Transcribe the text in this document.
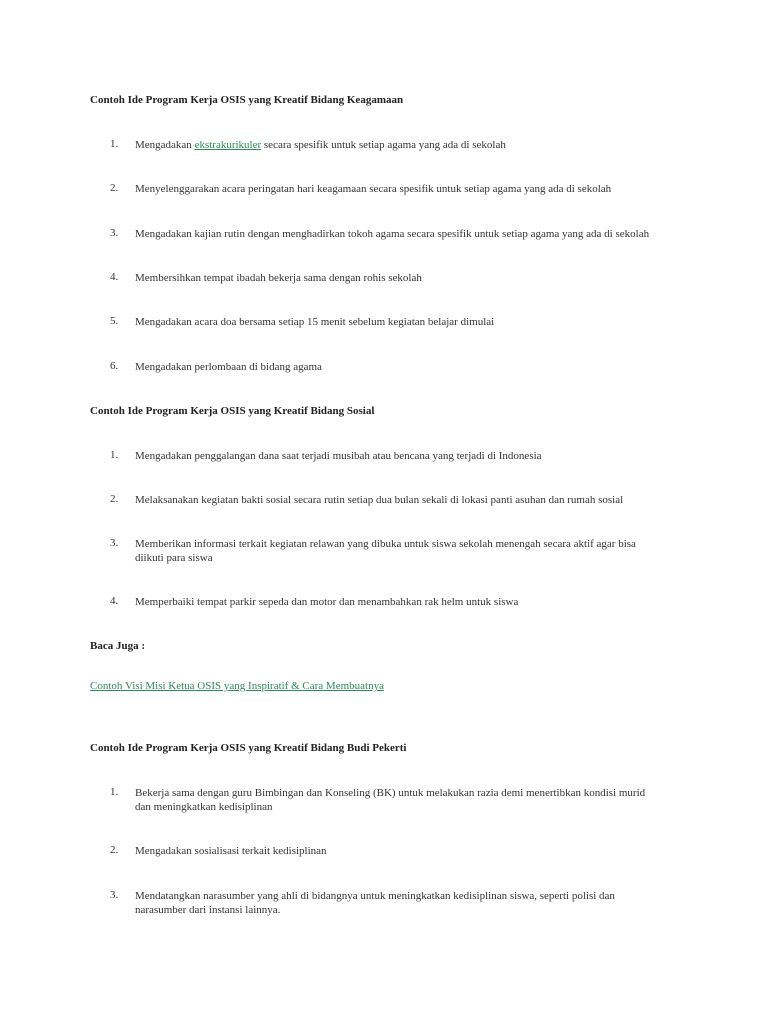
Contoh Ide Program Kerja OSIS yang Kreatif Bidang Keagamaan
1.	Mengadakan ekstrakurikuler secara spesifik untuk setiap agama yang ada di sekolah
2.	Menyelenggarakan acara peringatan hari keagamaan secara spesifik untuk setiap agama yang ada di sekolah
3.	Mengadakan kajian rutin dengan menghadirkan tokoh agama secara spesifik untuk setiap agama yang ada di sekolah
4.	Membersihkan tempat ibadah bekerja sama dengan rohis sekolah
5.	Mengadakan acara doa bersama setiap 15 menit sebelum kegiatan belajar dimulai
6.	Mengadakan perlombaan di bidang agama
Contoh Ide Program Kerja OSIS yang Kreatif Bidang Sosial
1.	Mengadakan penggalangan dana saat terjadi musibah atau bencana yang terjadi di Indonesia
2.	Melaksanakan kegiatan bakti sosial secara rutin setiap dua bulan sekali di lokasi panti asuhan dan rumah sosial
3.	Memberikan informasi terkait kegiatan relawan yang dibuka untuk siswa sekolah menengah secara aktif agar bisa diikuti para siswa
4.	Memperbaiki tempat parkir sepeda dan motor dan menambahkan rak helm untuk siswa

Baca Juga :

Contoh Visi Misi Ketua OSIS yang Inspiratif & Cara Membuatnya

Contoh Ide Program Kerja OSIS yang Kreatif Bidang Budi Pekerti
1.	Bekerja sama dengan guru Bimbingan dan Konseling (BK) untuk melakukan razia demi menertibkan kondisi murid dan meningkatkan kedisiplinan
2.	Mengadakan sosialisasi terkait kedisiplinan
3.	Mendatangkan narasumber yang ahli di bidangnya untuk meningkatkan kedisiplinan siswa, seperti polisi dan narasumber dari instansi lainnya.
